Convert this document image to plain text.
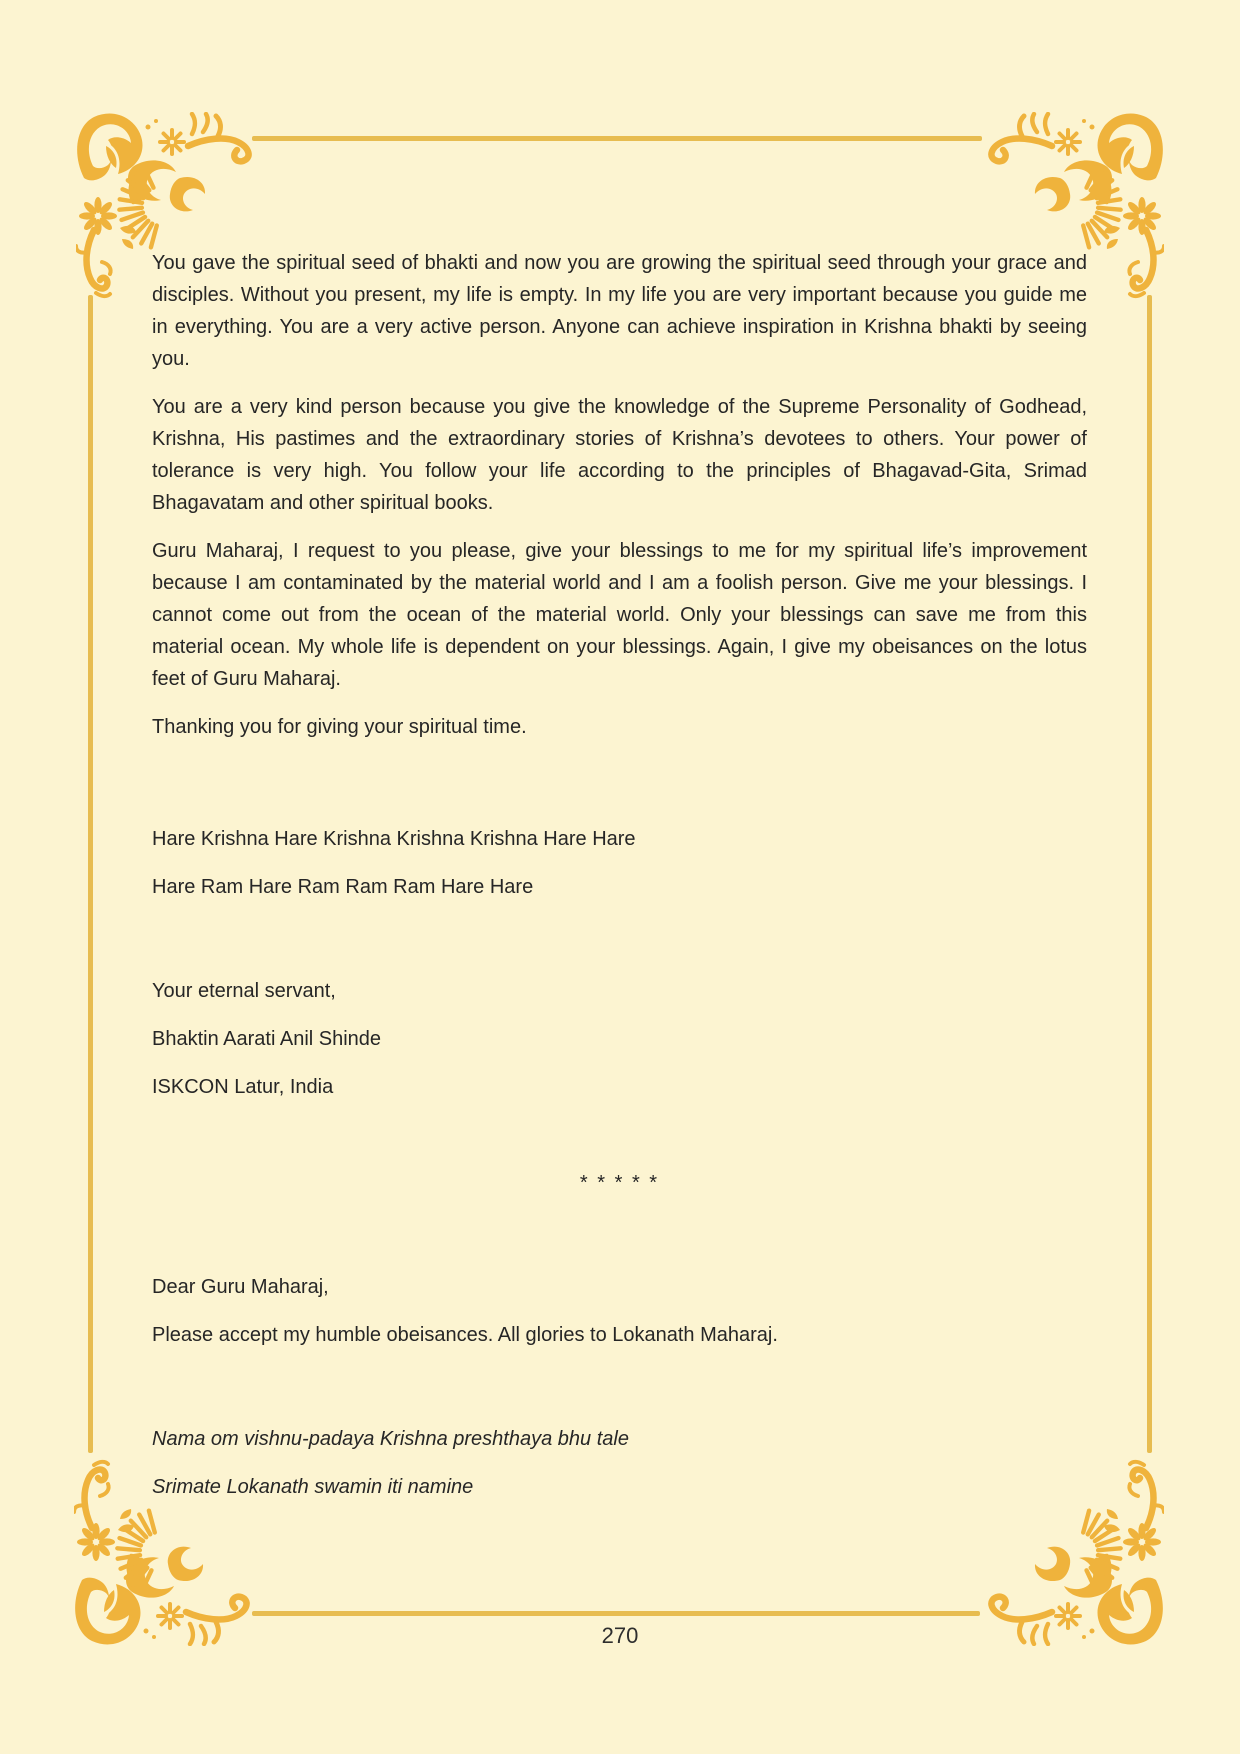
You gave the spiritual seed of bhakti and now you are growing the spiritual seed through your grace and disciples. Without you present, my life is empty. In my life you are very important because you guide me in everything. You are a very active person. Anyone can achieve inspiration in Krishna bhakti by seeing you.

You are a very kind person because you give the knowledge of the Supreme Personality of Godhead, Krishna, His pastimes and the extraordinary stories of Krishna’s devotees to others. Your power of tolerance is very high. You follow your life according to the principles of Bhagavad-Gita, Srimad Bhagavatam and other spiritual books.

Guru Maharaj, I request to you please, give your blessings to me for my spiritual life’s improvement because I am contaminated by the material world and I am a foolish person. Give me your blessings. I cannot come out from the ocean of the material world. Only your blessings can save me from this material ocean. My whole life is dependent on your blessings. Again, I give my obeisances on the lotus feet of Guru Maharaj.

Thanking you for giving your spiritual time.

Hare Krishna Hare Krishna Krishna Krishna Hare Hare

Hare Ram Hare Ram Ram Ram Hare Hare

Your eternal servant,

Bhaktin Aarati Anil Shinde

ISKCON Latur, India

* * * * *

Dear Guru Maharaj,

Please accept my humble obeisances. All glories to Lokanath Maharaj.

Nama om vishnu-padaya Krishna preshthaya bhu tale

Srimate Lokanath swamin iti namine

270
